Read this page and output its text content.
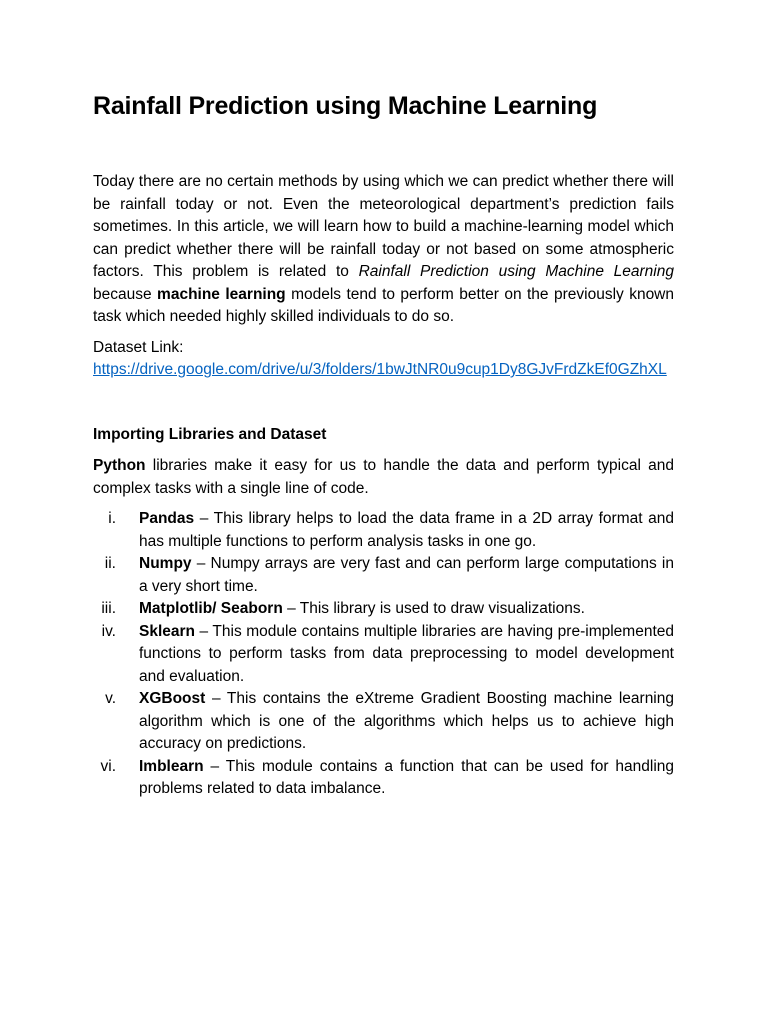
Rainfall Prediction using Machine Learning

Today there are no certain methods by using which we can predict whether there will be rainfall today or not. Even the meteorological department’s prediction fails sometimes. In this article, we will learn how to build a machine-learning model which can predict whether there will be rainfall today or not based on some atmospheric factors. This problem is related to Rainfall Prediction using Machine Learning because machine learning models tend to perform better on the previously known task which needed highly skilled individuals to do so.

Dataset Link:
https://drive.google.com/drive/u/3/folders/1bwJtNR0u9cup1Dy8GJvFrdZkEf0GZhXL
Importing Libraries and Dataset

Python libraries make it easy for us to handle the data and perform typical and complex tasks with a single line of code.

i. Pandas – This library helps to load the data frame in a 2D array format and has multiple functions to perform analysis tasks in one go.
ii. Numpy – Numpy arrays are very fast and can perform large computations in a very short time.
iii. Matplotlib/ Seaborn – This library is used to draw visualizations.
iv. Sklearn – This module contains multiple libraries are having pre-implemented functions to perform tasks from data preprocessing to model development and evaluation.
v. XGBoost – This contains the eXtreme Gradient Boosting machine learning algorithm which is one of the algorithms which helps us to achieve high accuracy on predictions.
vi. Imblearn – This module contains a function that can be used for handling problems related to data imbalance.
